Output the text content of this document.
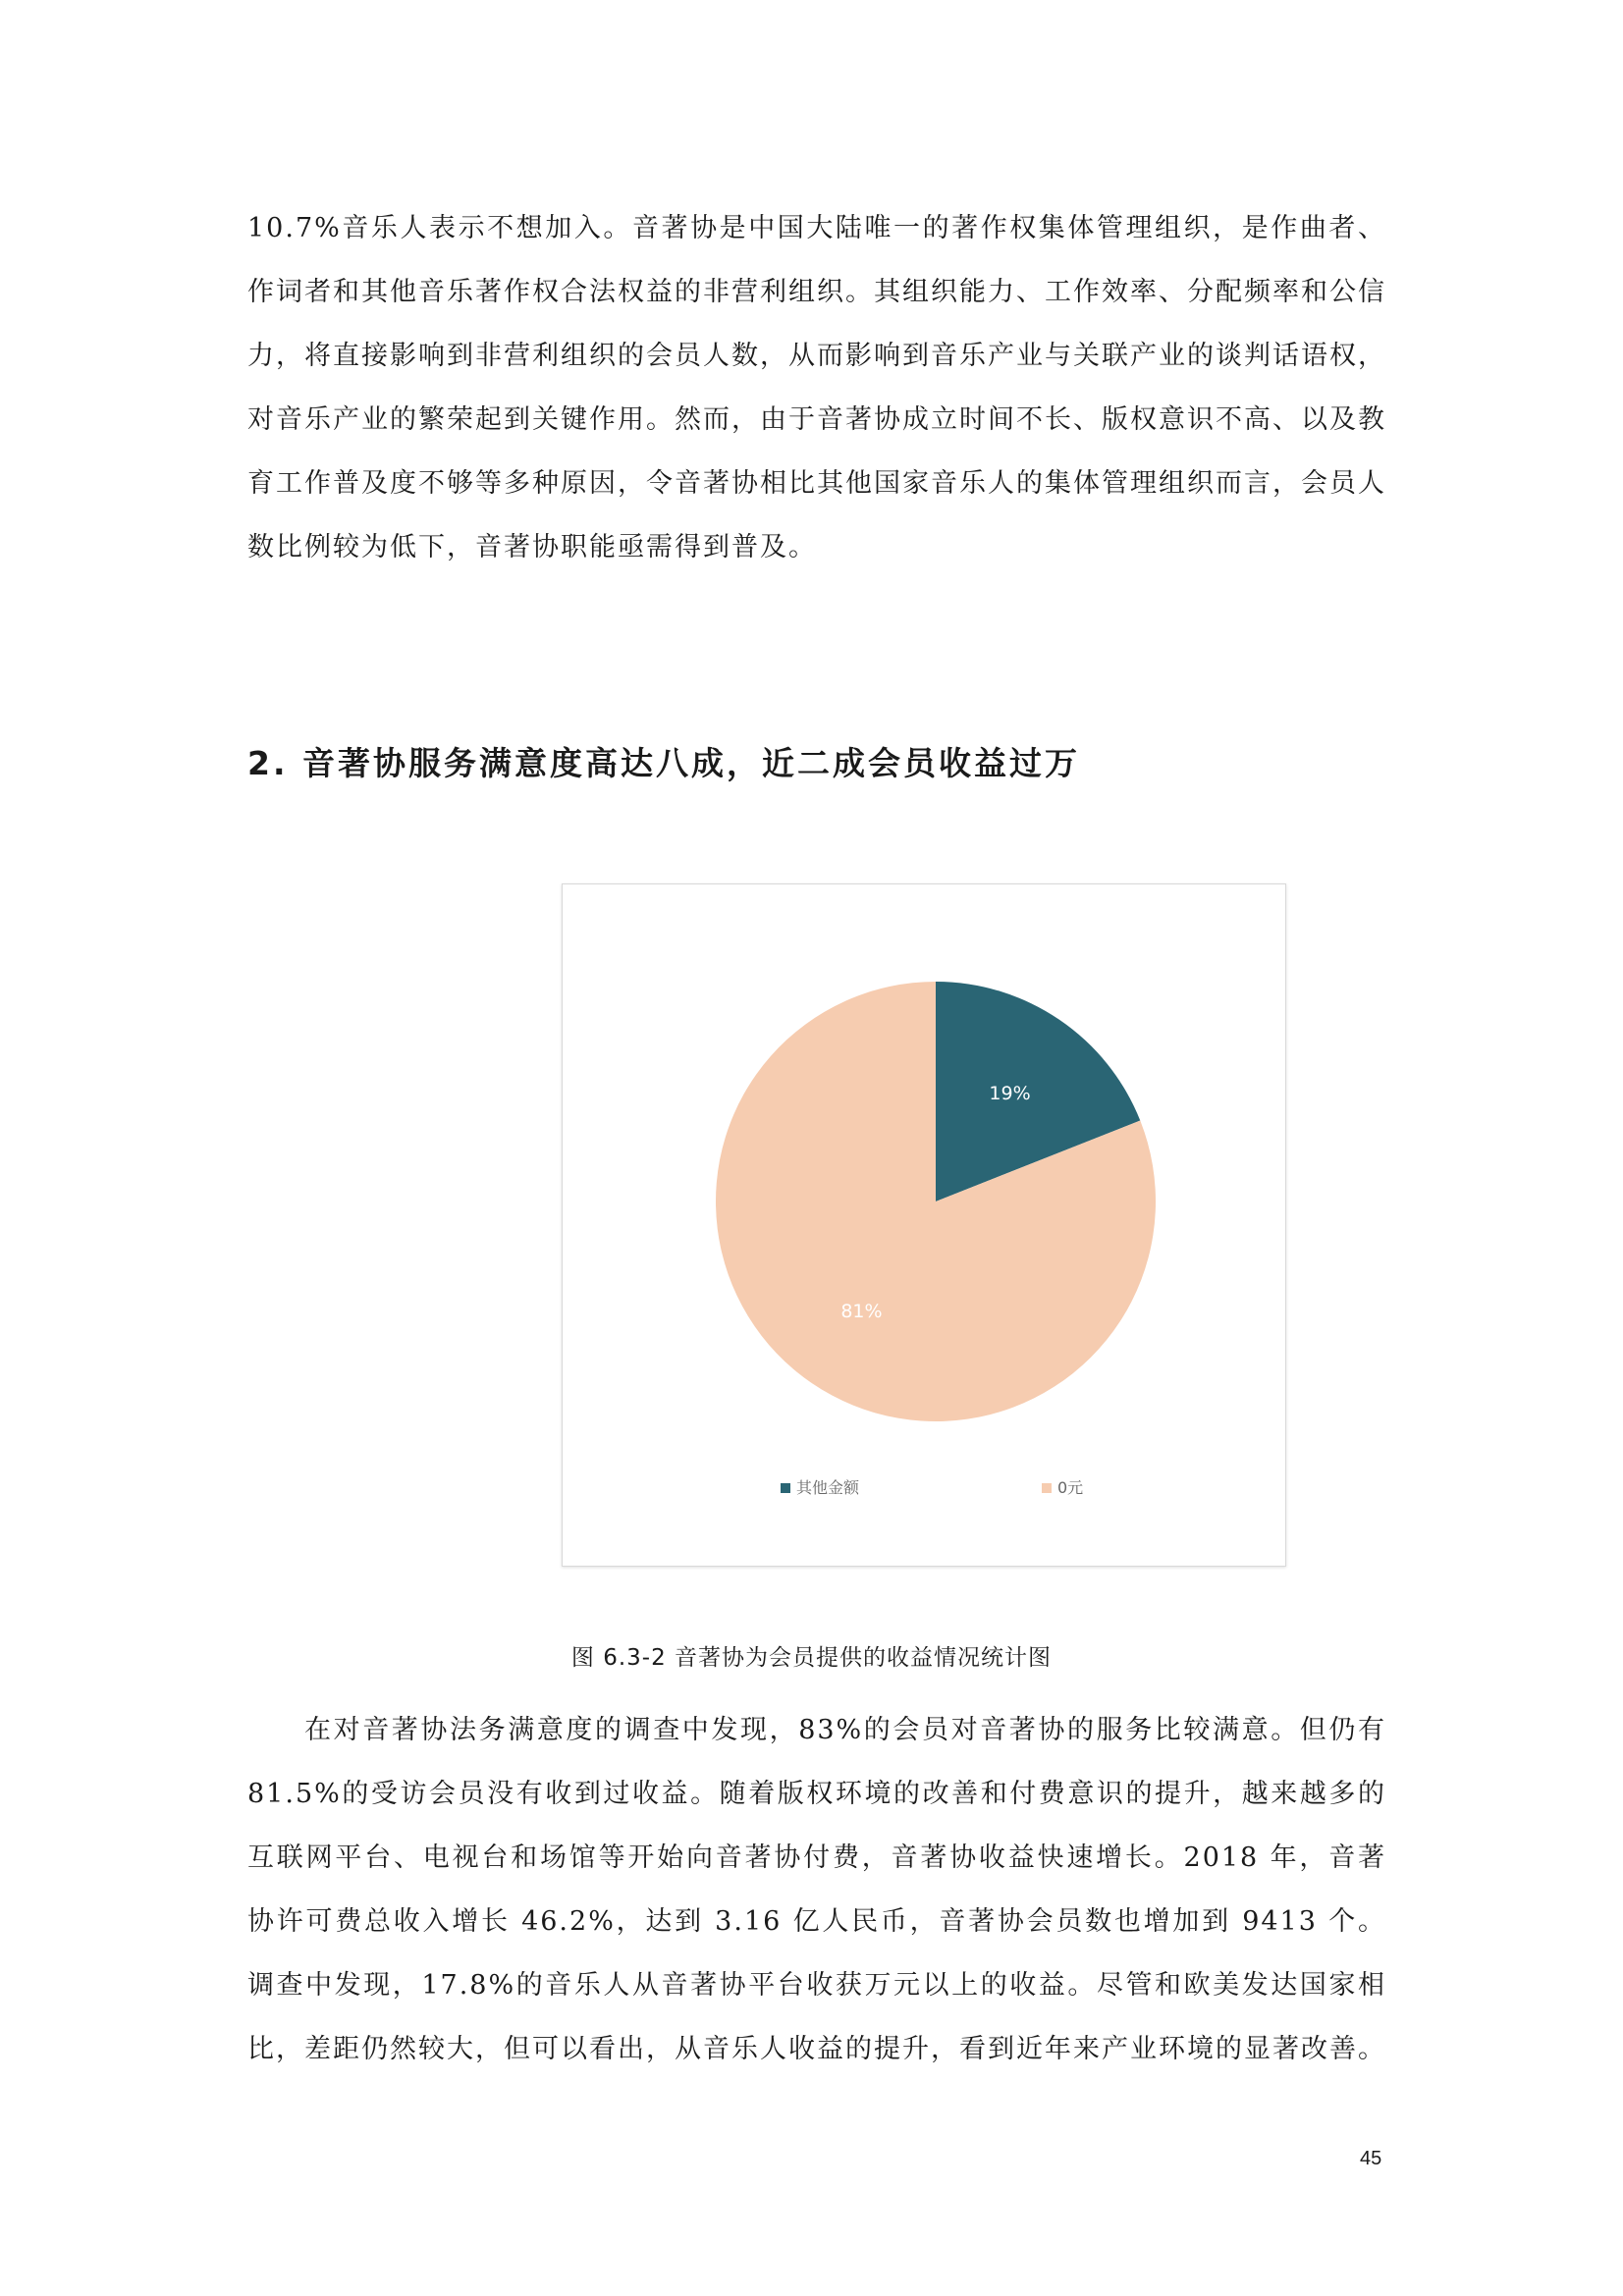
10.7%音乐人表示不想加入。音著协是中国大陆唯一的著作权集体管理组织，是作曲者、作词者和其他音乐著作权合法权益的非营利组织。其组织能力、工作效率、分配频率和公信力，将直接影响到非营利组织的会员人数，从而影响到音乐产业与关联产业的谈判话语权，对音乐产业的繁荣起到关键作用。然而，由于音著协成立时间不长、版权意识不高、以及教育工作普及度不够等多种原因，令音著协相比其他国家音乐人的集体管理组织而言，会员人数比例较为低下，音著协职能亟需得到普及。

2. 音著协服务满意度高达八成，近二成会员收益过万
19%
81%
其他金额	0元

图 6.3-2 音著协为会员提供的收益情况统计图

在对音著协法务满意度的调查中发现，83%的会员对音著协的服务比较满意。但仍有81.5%的受访会员没有收到过收益。随着版权环境的改善和付费意识的提升，越来越多的互联网平台、电视台和场馆等开始向音著协付费，音著协收益快速增长。2018 年，音著协许可费总收入增长 46.2%，达到 3.16 亿人民币，音著协会员数也增加到 9413 个。调查中发现，17.8%的音乐人从音著协平台收获万元以上的收益。尽管和欧美发达国家相比，差距仍然较大，但可以看出，从音乐人收益的提升，看到近年来产业环境的显著改善。

45
